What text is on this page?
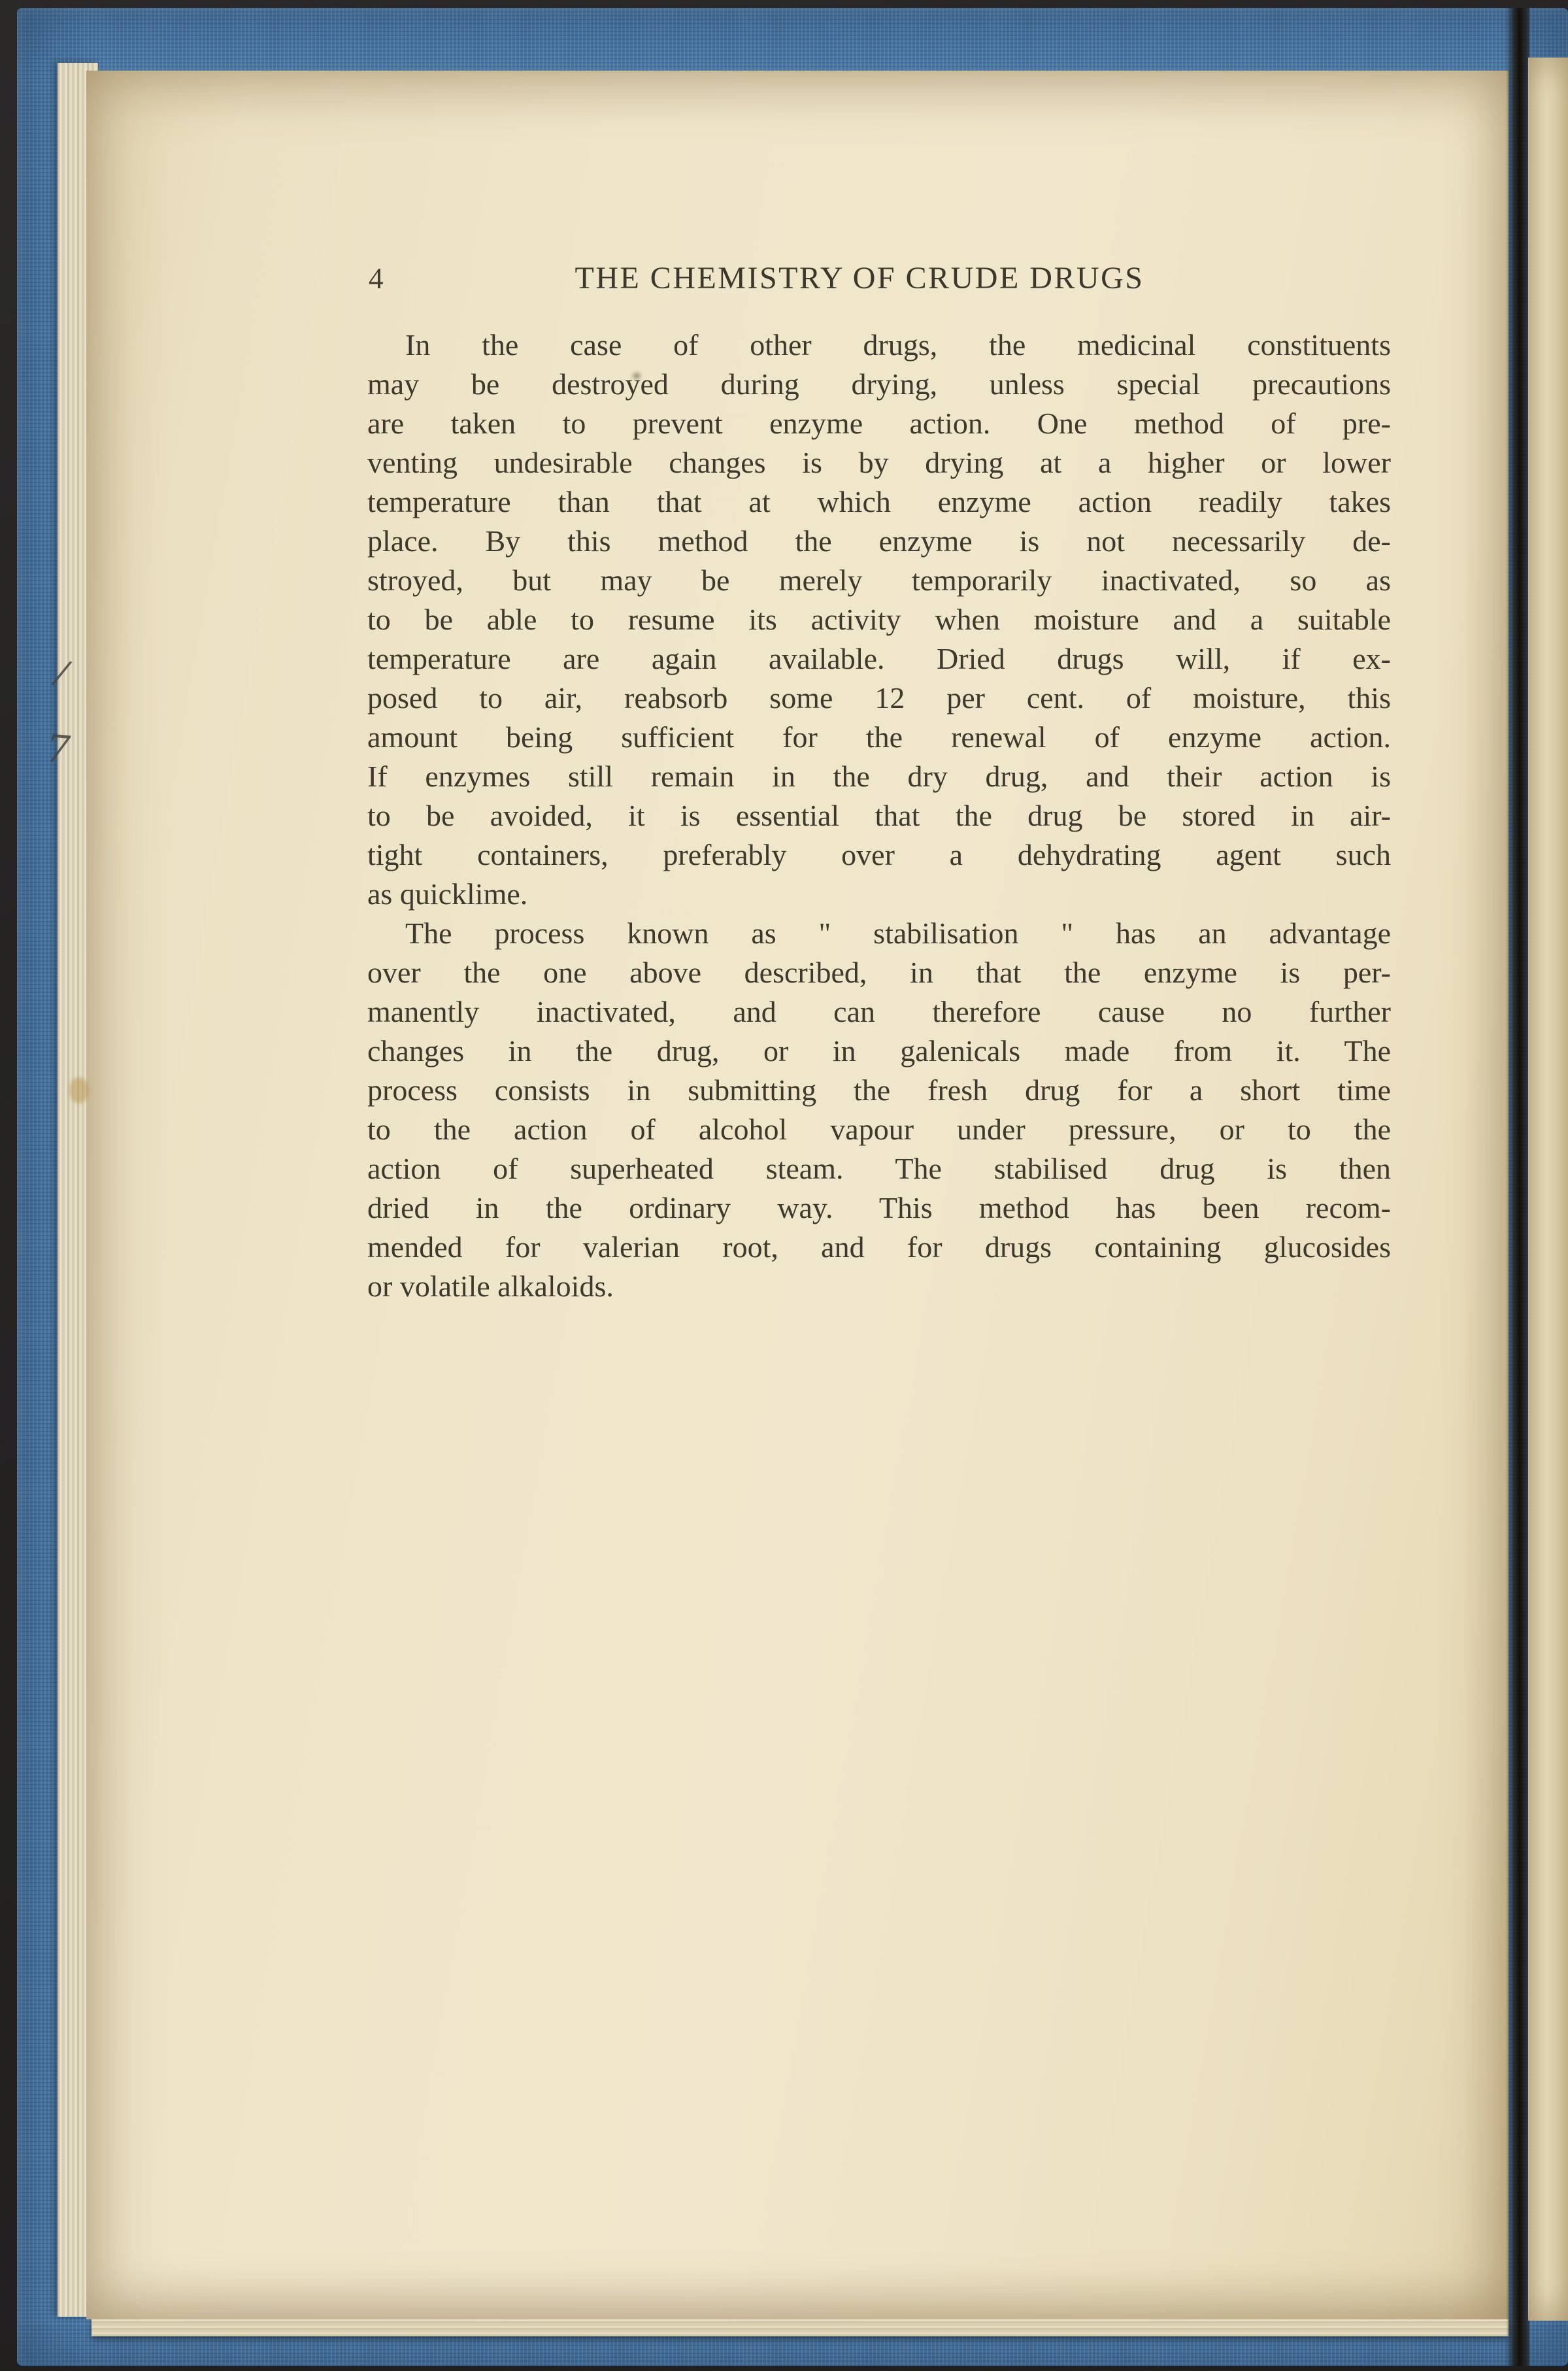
4	THE CHEMISTRY OF CRUDE DRUGS
In the case of other drugs, the medicinal constituents
may be destroyed during drying, unless special precautions
are taken to prevent enzyme action. One method of pre-
venting undesirable changes is by drying at a higher or lower
temperature than that at which enzyme action readily takes
place. By this method the enzyme is not necessarily de-
stroyed, but may be merely temporarily inactivated, so as
to be able to resume its activity when moisture and a suitable
temperature are again available. Dried drugs will, if ex-
posed to air, reabsorb some 12 per cent. of moisture, this
amount being sufficient for the renewal of enzyme action.
If enzymes still remain in the dry drug, and their action is
to be avoided, it is essential that the drug be stored in air-
tight containers, preferably over a dehydrating agent such
as quicklime.
The process known as " stabilisation " has an advantage
over the one above described, in that the enzyme is per-
manently inactivated, and can therefore cause no further
changes in the drug, or in galenicals made from it. The
process consists in submitting the fresh drug for a short time
to the action of alcohol vapour under pressure, or to the
action of superheated steam. The stabilised drug is then
dried in the ordinary way. This method has been recom-
mended for valerian root, and for drugs containing glucosides
or volatile alkaloids.
/
7
